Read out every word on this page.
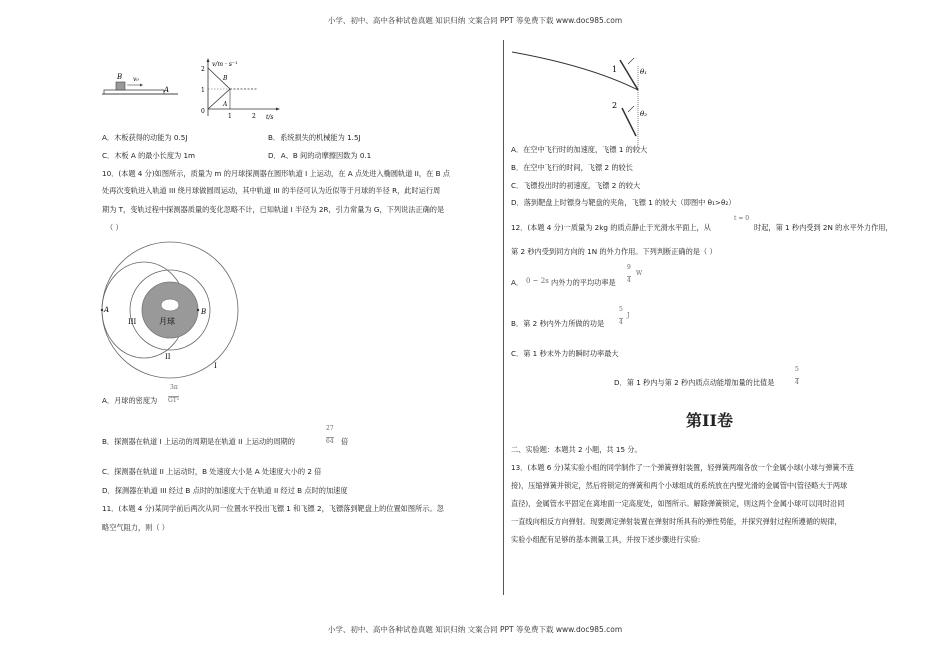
小学、初中、高中各种试卷真题 知识归纳 文案合同 PPT 等免费下载 www.doc985.com
小学、初中、高中各种试卷真题 知识归纳 文案合同 PPT 等免费下载 www.doc985.com
B v₀
A
v/m · s⁻¹
t/s
2
1
0
1	2
B
A
A．木板获得的动能为 0.5J	B．系统损失的机械能为 1.5J
C．木板 A 的最小长度为 1m	D．A、B 间的动摩擦因数为 0.1
10．(本题 4 分)如图所示，质量为 m 的月球探测器在圆形轨道 I 上运动，在 A 点处进入椭圆轨道 II，在 B 点
处再次变轨进入轨道 III 绕月球做圆周运动，其中轨道 III 的半径可认为近似等于月球的半径 R，此时运行周
期为 T，变轨过程中探测器质量的变化忽略不计，已知轨道 I 半径为 2R，引力常量为 G，下列说法正确的是
（ ）
A	B
III
II
I
月球
A．月球的密度为
3π
GT²
B．探测器在轨道 I 上运动的周期是在轨道 II 上运动的周期的
27
64 倍
C．探测器在轨道 II 上运动时，B 处速度大小是 A 处速度大小的 2 倍
D．探测器在轨道 III 经过 B 点时的加速度大于在轨道 II 经过 B 点时的加速度
11．(本题 4 分)某同学前后两次从同一位置水平投出飞镖 1 和飞镖 2，飞镖落到靶盘上的位置如图所示。忽
略空气阻力，则（ ）
1
2
θ₁
θ₂
A．在空中飞行时的加速度，飞镖 1 的较大
B．在空中飞行的时间，飞镖 2 的较长
C．飞镖投出时的初速度，飞镖 2 的较大
D．落到靶盘上时镖身与靶盘的夹角，飞镖 1 的较大（即图中 θ₁>θ₂）
12．(本题 4 分)一质量为 2kg 的质点静止于光滑水平面上，从
t = 0
时起，第 1 秒内受到 2N 的水平外力作用，
第 2 秒内受到同方向的 1N 的外力作用。下列判断正确的是（ ）
A． 0 ~ 2s 内外力的平均功率是
9
4
W
B．第 2 秒内外力所做的功是
5
4
J
C．第 1 秒末外力的瞬时功率最大
D．第 1 秒内与第 2 秒内质点动能增加量的比值是
5
4
第II卷
二、实验题：本题共 2 小题，共 15 分。
13．(本题 6 分)某实验小组的同学制作了一个弹簧弹射装置，轻弹簧两端各放一个金属小球(小球与弹簧不连
接)，压缩弹簧并锁定，然后将锁定的弹簧和两个小球组成的系统放在内壁光滑的金属管中(管径略大于两球
直径)，金属管水平固定在离地面一定高度处，如图所示。解除弹簧锁定，则这两个金属小球可以同时沿同
一直线向相反方向弹射。现要测定弹射装置在弹射时所具有的弹性势能，并探究弹射过程所遵循的规律，
实验小组配有足够的基本测量工具，并按下述步骤进行实验:
